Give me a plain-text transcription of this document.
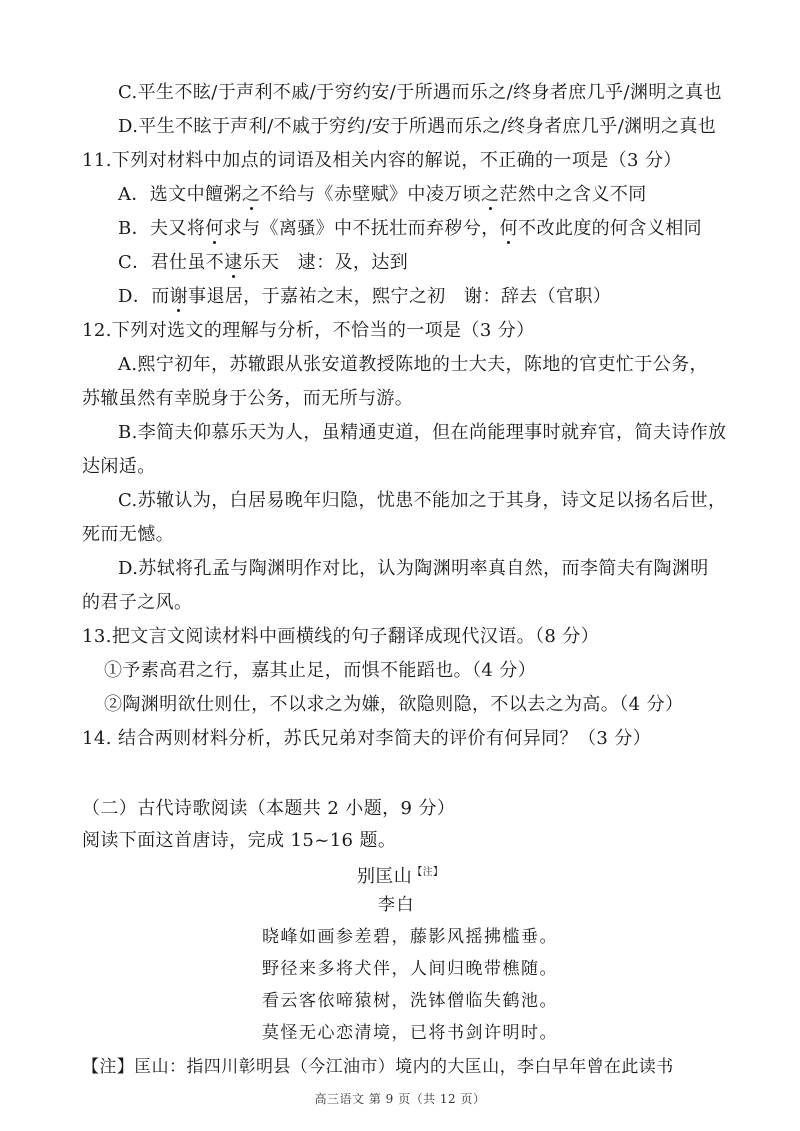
C.平生不眩/于声利不戚/于穷约安/于所遇而乐之/终身者庶几乎/渊明之真也
D.平生不眩于声利/不戚于穷约/安于所遇而乐之/终身者庶几乎/渊明之真也
11.下列对材料中加点的词语及相关内容的解说，不正确的一项是（3 分）
A．选文中饘粥之不给与《赤壁赋》中凌万顷之茫然中之含义不同
B．夫又将何求与《离骚》中不抚壮而弃秽兮，何不改此度的何含义相同
C．君仕虽不逮乐天　逮：及，达到
D．而谢事退居，于嘉祐之末，熙宁之初　谢：辞去（官职）
12.下列对选文的理解与分析，不恰当的一项是（3 分）
A.熙宁初年，苏辙跟从张安道教授陈地的士大夫，陈地的官吏忙于公务，
苏辙虽然有幸脱身于公务，而无所与游。
B.李简夫仰慕乐天为人，虽精通吏道，但在尚能理事时就弃官，简夫诗作放
达闲适。
C.苏辙认为，白居易晚年归隐，忧患不能加之于其身，诗文足以扬名后世，
死而无憾。
D.苏轼将孔孟与陶渊明作对比，认为陶渊明率真自然，而李简夫有陶渊明
的君子之风。
13.把文言文阅读材料中画横线的句子翻译成现代汉语。（8 分）
①予素高君之行，嘉其止足，而惧不能蹈也。（4 分）
②陶渊明欲仕则仕，不以求之为嫌，欲隐则隐，不以去之为高。（4 分）
14. 结合两则材料分析，苏氏兄弟对李简夫的评价有何异同？（3 分）
（二）古代诗歌阅读（本题共 2 小题，9 分）
阅读下面这首唐诗，完成 15~16 题。
别匡山$^{【注】}$
李白
晓峰如画参差碧，藤影风摇拂槛垂。
野径来多将犬伴，人间归晚带樵随。
看云客依啼猿树，洗钵僧临失鹤池。
莫怪无心恋清境，已将书剑许明时。
【注】匡山：指四川彰明县（今江油市）境内的大匡山，李白早年曾在此读书
高三语文 第 9 页（共 12 页）
